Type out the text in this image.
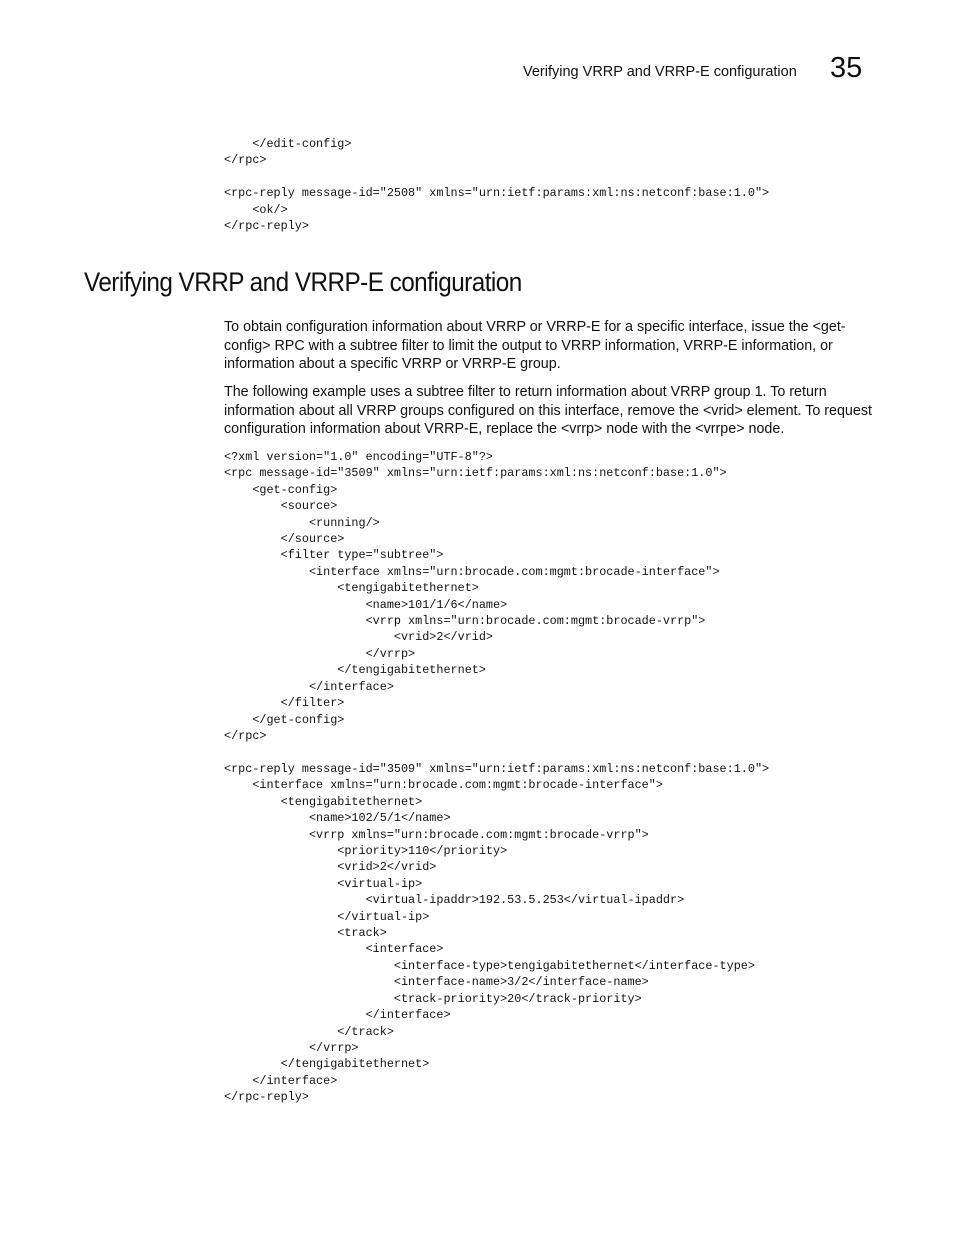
Verifying VRRP and VRRP-E configuration 35
</edit-config>
</rpc>

<rpc-reply message-id="2508" xmlns="urn:ietf:params:xml:ns:netconf:base:1.0">
<ok/>
</rpc-reply>
Verifying VRRP and VRRP-E configuration

To obtain configuration information about VRRP or VRRP-E for a specific interface, issue the <get-config> RPC with a subtree filter to limit the output to VRRP information, VRRP-E information, or information about a specific VRRP or VRRP-E group.

The following example uses a subtree filter to return information about VRRP group 1. To return information about all VRRP groups configured on this interface, remove the <vrid> element. To request configuration information about VRRP-E, replace the <vrrp> node with the <vrrpe> node.

<?xml version="1.0" encoding="UTF-8"?>
<rpc message-id="3509" xmlns="urn:ietf:params:xml:ns:netconf:base:1.0">
<get-config>
<source>
<running/>
</source>
<filter type="subtree">
<interface xmlns="urn:brocade.com:mgmt:brocade-interface">
<tengigabitethernet>
<name>101/1/6</name>
<vrrp xmlns="urn:brocade.com:mgmt:brocade-vrrp">
<vrid>2</vrid>
</vrrp>
</tengigabitethernet>
</interface>
</filter>
</get-config>
</rpc>
<rpc-reply message-id="3509" xmlns="urn:ietf:params:xml:ns:netconf:base:1.0">
<interface xmlns="urn:brocade.com:mgmt:brocade-interface">
<tengigabitethernet>
<name>102/5/1</name>
<vrrp xmlns="urn:brocade.com:mgmt:brocade-vrrp">
<priority>110</priority>
<vrid>2</vrid>
<virtual-ip>
<virtual-ipaddr>192.53.5.253</virtual-ipaddr>
</virtual-ip>
<track>
<interface>
<interface-type>tengigabitethernet</interface-type>
<interface-name>3/2</interface-name>
<track-priority>20</track-priority>
</interface>
</track>
</vrrp>
</tengigabitethernet>
</interface>
</rpc-reply>
